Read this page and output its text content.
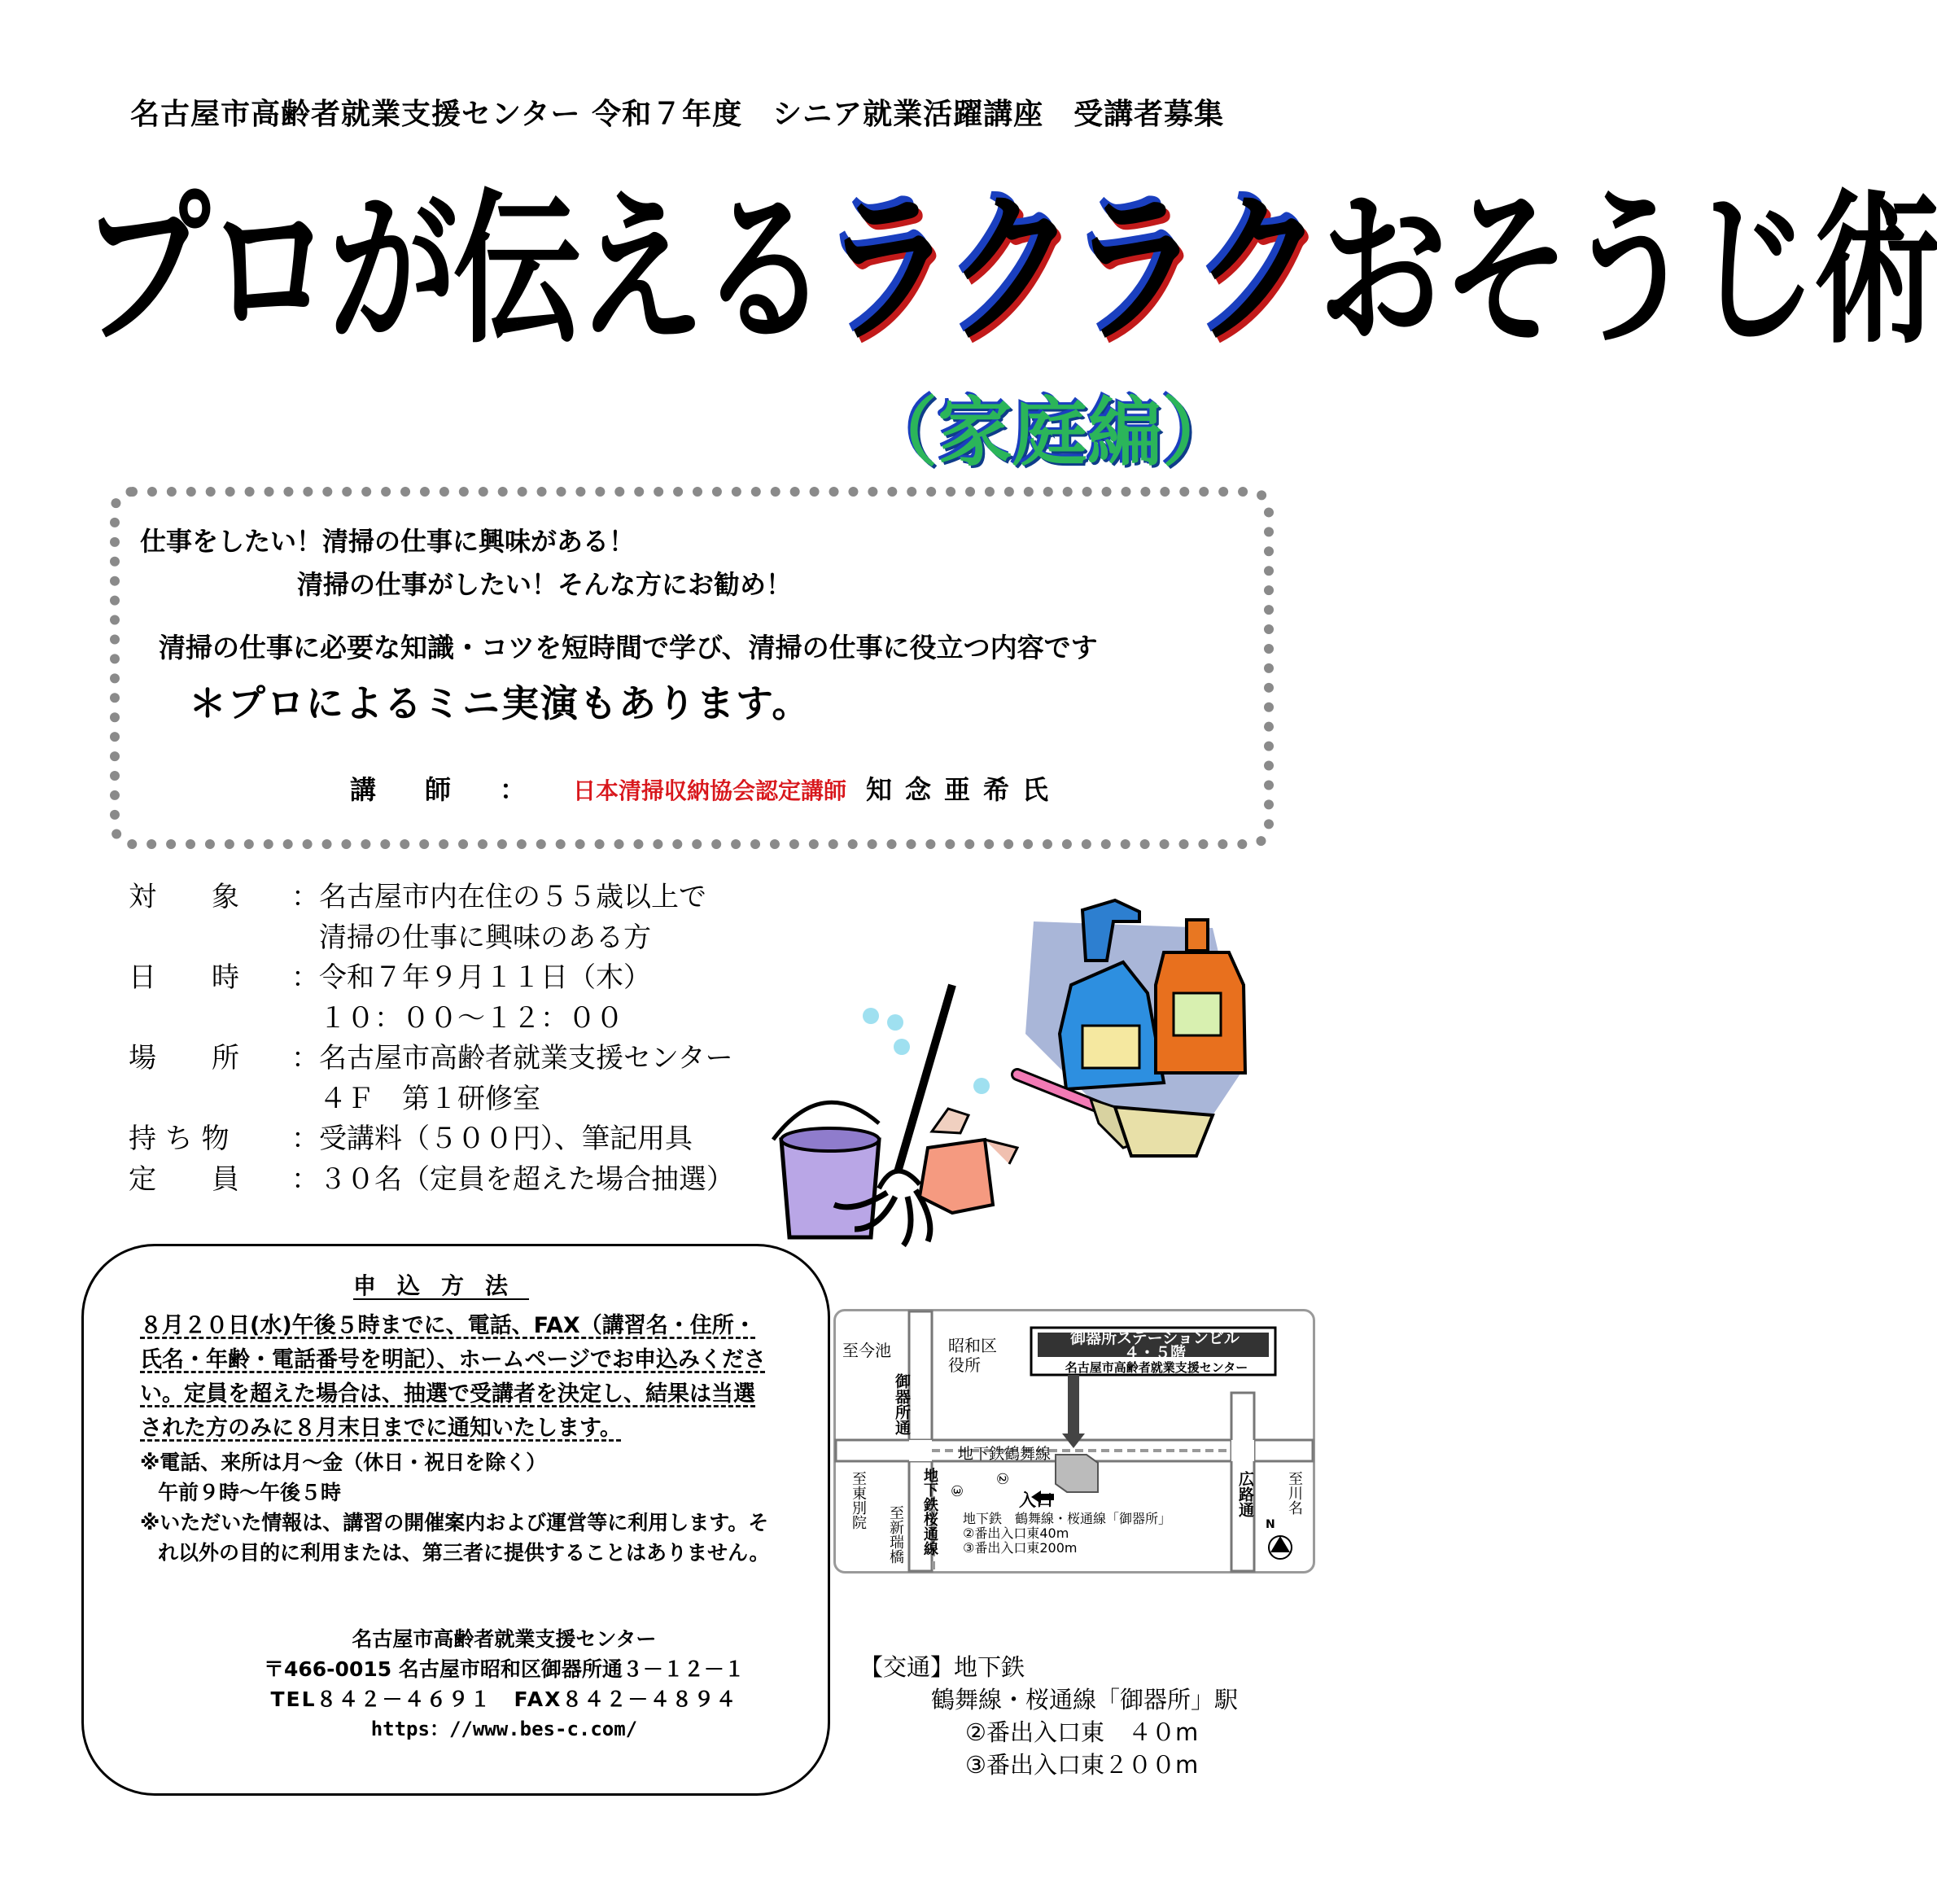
名古屋市高齢者就業支援センター 令和７年度　シニア就業活躍講座　受講者募集
プロが伝えるラクラクおそうじ術
（家庭編）
仕事をしたい！清掃の仕事に興味がある！
清掃の仕事がしたい！そんな方にお勧め！
清掃の仕事に必要な知識・コツを短時間で学び、清掃の仕事に役立つ内容です
＊プロによるミニ実演もあります。
講　師　： 日本清掃収納協会認定講師 知念亜希氏
対　　象	：名古屋市内在住の５５歳以上で
　清掃の仕事に興味のある方
日　　時	：令和７年９月１１日（木）
　１０：００～１２：００
場　　所	：名古屋市高齢者就業支援センター
　４Ｆ　第１研修室
持 ち 物	：受講料（５００円）、筆記用具
定　　員	：３０名（定員を超えた場合抽選）
申込方法
８月２０日(水)午後５時までに、電話、FAX（講習名・住所・氏名・年齢・電話番号を明記）、ホームページでお申込みください。定員を超えた場合は、抽選で受講者を決定し、結果は当選された方のみに８月末日までに通知いたします。
※電話、来所は月～金（休日・祝日を除く）
午前９時～午後５時
※いただいた情報は、講習の開催案内および運営等に利用します。それ以外の目的に利用または、第三者に提供することはありません。
名古屋市高齢者就業支援センター
〒466-0015 名古屋市昭和区御器所通３－１２－１
TEL８４２－４６９１　FAX８４２－４８９４
https：//www.bes-c.com/
御器所ステーションビル
４・５階
名古屋市高齢者就業支援センター
至今池	昭和区
役所
御器所通
地下鉄鶴舞線
至東別院	地下鉄桜通線
至新瑞橋
広路通 至川名
入口
②
③
地下鉄　鶴舞線・桜通線「御器所」
②番出入口東40m
③番出入口東200m
N
【交通】地下鉄
鶴舞線・桜通線「御器所」駅
②番出入口東　４０m
③番出入口東２００m
